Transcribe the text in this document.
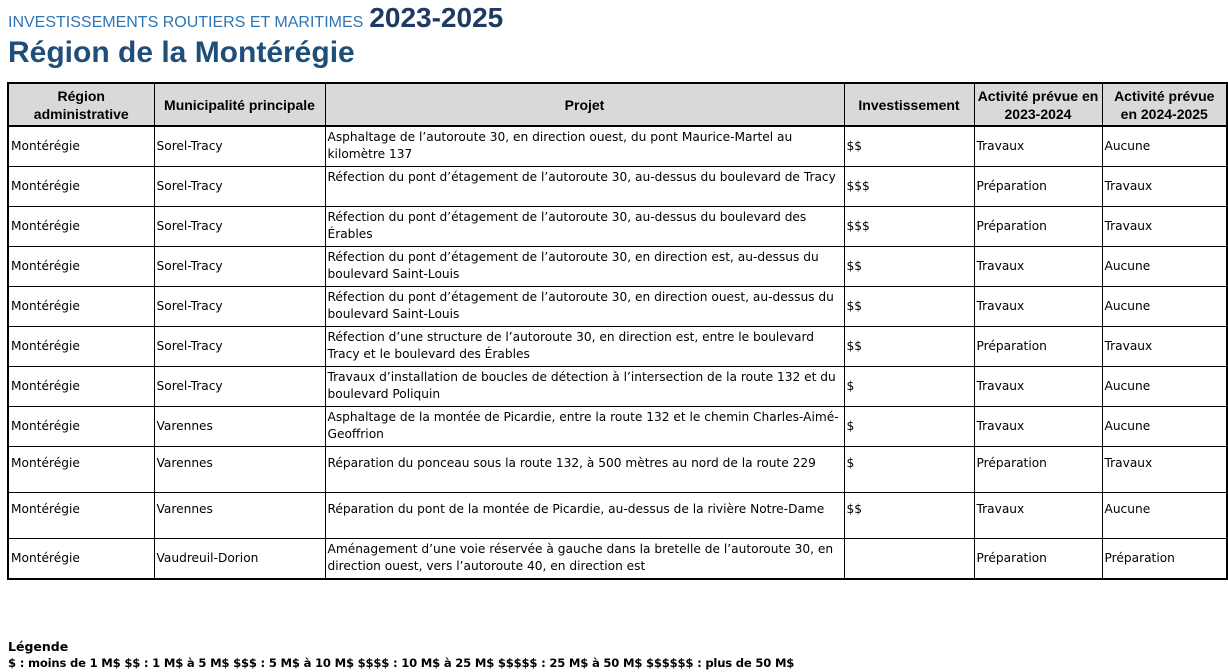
INVESTISSEMENTS ROUTIERS ET MARITIMES 2023-2025
Région de la Montérégie
Région administrative	Municipalité principale	Projet	Investissement	Activité prévue en 2023-2024	Activité prévue en 2024-2025
Montérégie	Sorel-Tracy	Asphaltage de l’autoroute 30, en direction ouest, du pont Maurice-Martel au kilomètre 137	$$	Travaux	Aucune
Montérégie	Sorel-Tracy	Réfection du pont d’étagement de l’autoroute 30, au-dessus du boulevard de Tracy	$$$	Préparation	Travaux
Montérégie	Sorel-Tracy	Réfection du pont d’étagement de l’autoroute 30, au-dessus du boulevard des Érables	$$$	Préparation	Travaux
Montérégie	Sorel-Tracy	Réfection du pont d’étagement de l’autoroute 30, en direction est, au-dessus du boulevard Saint-Louis	$$	Travaux	Aucune
Montérégie	Sorel-Tracy	Réfection du pont d’étagement de l’autoroute 30, en direction ouest, au-dessus du boulevard Saint-Louis	$$	Travaux	Aucune
Montérégie	Sorel-Tracy	Réfection d’une structure de l’autoroute 30, en direction est, entre le boulevard Tracy et le boulevard des Érables	$$	Préparation	Travaux
Montérégie	Sorel-Tracy	Travaux d’installation de boucles de détection à l’intersection de la route 132 et du boulevard Poliquin	$	Travaux	Aucune
Montérégie	Varennes	Asphaltage de la montée de Picardie, entre la route 132 et le chemin Charles-Aimé-Geoffrion	$	Travaux	Aucune
Montérégie	Varennes	Réparation du ponceau sous la route 132, à 500 mètres au nord de la route 229	$	Préparation	Travaux
Montérégie	Varennes	Réparation du pont de la montée de Picardie, au-dessus de la rivière Notre-Dame	$$	Travaux	Aucune
Montérégie	Vaudreuil-Dorion	Aménagement d’une voie réservée à gauche dans la bretelle de l’autoroute 30, en direction ouest, vers l’autoroute 40, en direction est		Préparation	Préparation
Légende
$ : moins de 1 M$ $$ : 1 M$ à 5 M$ $$$ : 5 M$ à 10 M$ $$$$ : 10 M$ à 25 M$ $$$$$ : 25 M$ à 50 M$ $$$$$$ : plus de 50 M$
